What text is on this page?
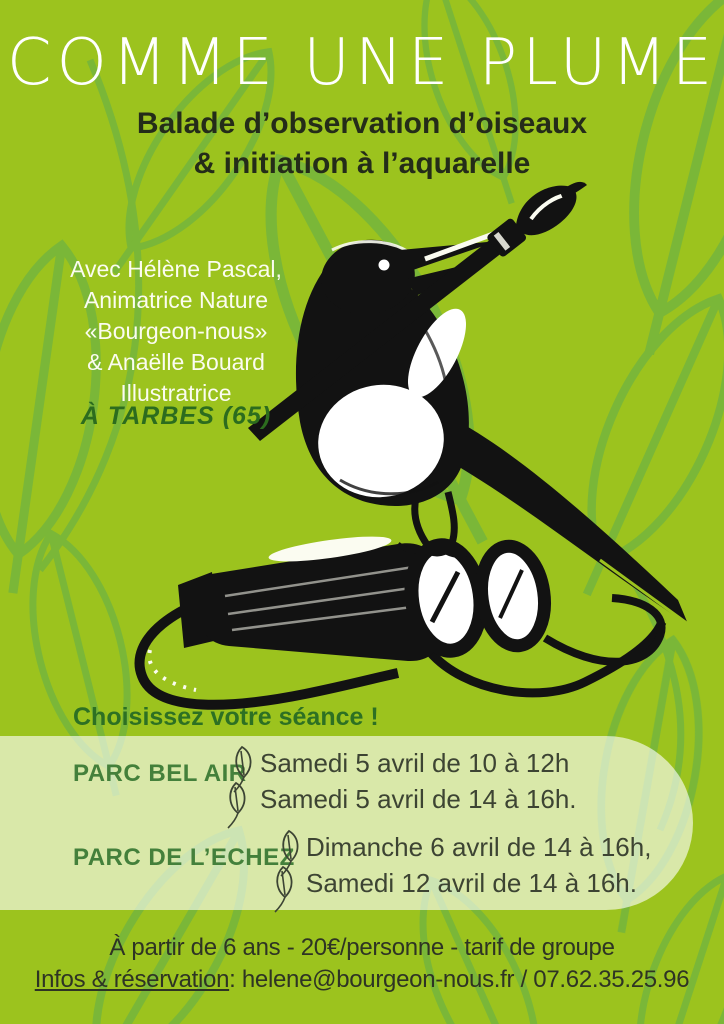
COMME UNE PLUME
Balade d’observation d’oiseaux
& initiation à l’aquarelle
Avec Hélène Pascal,
Animatrice Nature
«Bourgeon-nous»
& Anaëlle Bouard
Illustratrice
À TARBES (65)
Choisissez votre séance !
PARC BEL AIR Samedi 5 avril de 10 à 12h
Samedi 5 avril de 14 à 16h.
PARC DE L’ECHEZ Dimanche 6 avril de 14 à 16h,
Samedi 12 avril de 14 à 16h.
À partir de 6 ans - 20€/personne - tarif de groupe
Infos & réservation: helene@bourgeon-nous.fr / 07.62.35.25.96
